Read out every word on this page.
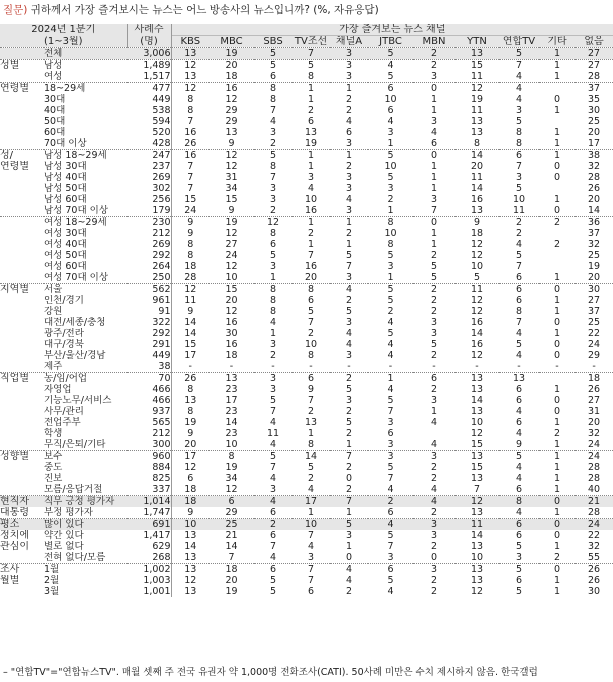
질문) 귀하께서 가장 즐겨보시는 뉴스는 어느 방송사의 뉴스입니까? (%, 자유응답)
2024년 1분기		사례수	가장 즐겨보는 뉴스 채널										
(1~3월)		(명)	KBS	MBC	SBS	TV조선	채널A	JTBC	MBN	YTN	연합TV	기타	없음
	전체	3,006	13	19	5	7	3	5	2	13	5	1	27
성별	남성	1,489	12	20	5	5	3	4	2	15	7	1	27
	여성	1,517	13	18	6	8	3	5	3	11	4	1	28
연령별	18~29세	477	12	16	8	1	1	6	0	12	4		37
	30대	449	8	12	8	1	2	10	1	19	4	0	35
	40대	538	8	29	7	2	2	6	1	11	3	1	30
	50대	594	7	29	4	6	4	4	3	13	5		25
	60대	520	16	13	3	13	6	3	4	13	8	1	20
	70대 이상	428	26	9	2	19	3	1	6	8	8	1	17
성/	남성 18~29세	247	16	12	5	1	1	5	0	14	6	1	38
연령별	남성 30대	237	7	12	8	1	2	10	1	20	7	0	32
	남성 40대	269	7	31	7	3	3	5	1	11	3	0	28
	남성 50대	302	7	34	3	4	3	3	1	14	5		26
	남성 60대	256	15	15	3	10	4	2	3	16	10	1	20
	남성 70대 이상	179	24	9	2	16	3	1	7	13	11	0	14
	여성 18~29세	230	9	19	12	1	1	8	0	9	2	2	36
	여성 30대	212	9	12	8	2	2	10	1	18	2		37
	여성 40대	269	8	27	6	1	1	8	1	12	4	2	32
	여성 50대	292	8	24	5	7	5	5	2	12	5		25
	여성 60대	264	18	12	3	16	7	3	5	10	7		19
	여성 70대 이상	250	28	10	1	20	3	1	5	5	6	1	20
지역별	서울	562	12	15	8	8	4	5	2	11	6	0	30
	인천/경기	961	11	20	8	6	2	5	2	12	6	1	27
	강원	91	9	12	8	5	5	2	2	12	8	1	37
	대전/세종/충청	322	14	16	4	7	3	4	3	16	7	0	25
	광주/전라	292	14	30	1	2	4	5	3	14	4	1	22
	대구/경북	291	15	16	3	10	4	4	5	16	5	0	24
	부산/울산/경남	449	17	18	2	8	3	4	2	12	4	0	29
	제주	38	-	-	-	-	-	-	-	-	-	-	-
직업별	농/임/어업	70	26	13	3	6	2	1	6	13	13		18
	자영업	466	8	23	3	9	5	4	2	13	6	1	26
	기능노무/서비스	466	13	17	5	7	3	5	3	14	6	0	27
	사무/관리	937	8	23	7	2	2	7	1	13	4	0	31
	전업주부	565	19	14	4	13	5	3	4	10	6	1	20
	학생	212	9	23	11	1	2	6		12	4	2	32
	무직/은퇴/기타	300	20	10	4	8	1	3	4	15	9	1	24
성향별	보수	960	17	8	5	14	7	3	3	13	5	1	24
	중도	884	12	19	7	5	2	5	2	15	4	1	28
	진보	825	6	34	4	2	0	7	2	13	4	1	28
	모름/응답거절	337	18	12	3	4	2	4	4	7	6	1	40
현직자	직무 긍정 평가자	1,014	18	6	4	17	7	2	4	12	8	0	21
대통령	부정 평가자	1,747	9	29	6	1	1	6	2	13	4	1	28
평소	많이 있다	691	10	25	2	10	5	4	3	11	6	0	24
정치에	약간 있다	1,417	13	21	6	7	3	5	3	14	6	0	22
관심이	별로 없다	629	14	14	7	4	1	7	2	13	5	1	32
	전혀 없다/모름	268	13	7	4	3	0	3	0	10	3	2	55
조사	1월	1,002	13	18	6	7	4	6	3	13	5	0	26
월별	2월	1,003	12	20	5	7	4	5	2	13	6	1	26
	3월	1,001	13	19	5	6	2	4	2	12	5	1	30
– "연합TV"="연합뉴스TV". 매월 셋째 주 전국 유권자 약 1,000명 전화조사(CATI). 50사례 미만은 수치 제시하지 않음. 한국갤럽
